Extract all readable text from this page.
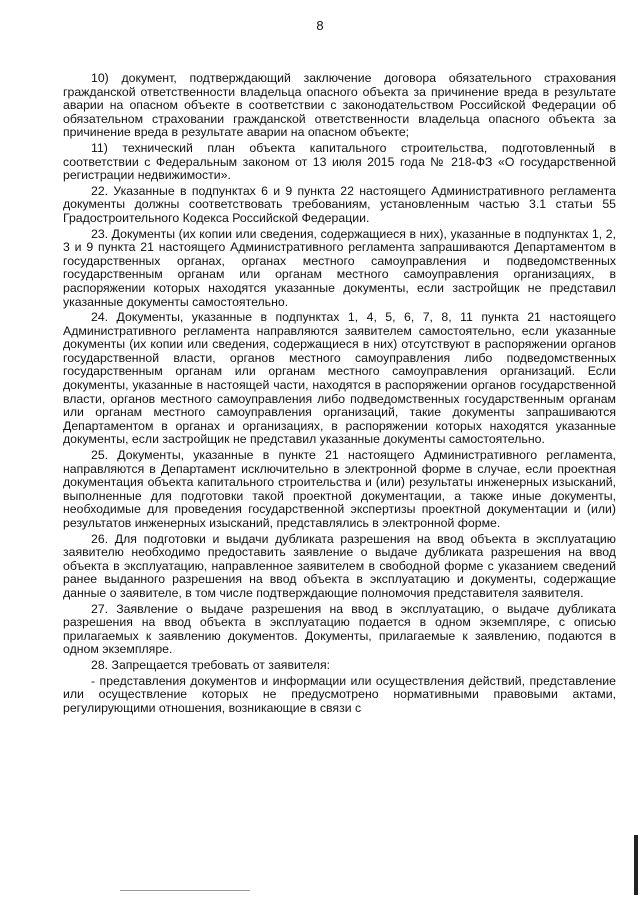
8

10) документ, подтверждающий заключение договора обязательного страхования гражданской ответственности владельца опасного объекта за причинение вреда в результате аварии на опасном объекте в соответствии с законодательством Российской Федерации об обязательном страховании гражданской ответственности владельца опасного объекта за причинение вреда в результате аварии на опасном объекте;

11) технический план объекта капитального строительства, подготовленный в соответствии с Федеральным законом от 13 июля 2015 года № 218-ФЗ «О государственной регистрации недвижимости».

22. Указанные в подпунктах 6 и 9 пункта 22 настоящего Административного регламента документы должны соответствовать требованиям, установленным частью 3.1 статьи 55 Градостроительного Кодекса Российской Федерации.

23. Документы (их копии или сведения, содержащиеся в них), указанные в подпунктах 1, 2, 3 и 9 пункта 21 настоящего Административного регламента запрашиваются Департаментом в государственных органах, органах местного самоуправления и подведомственных государственным органам или органам местного самоуправления организациях, в распоряжении которых находятся указанные документы, если застройщик не представил указанные документы самостоятельно.

24. Документы, указанные в подпунктах 1, 4, 5, 6, 7, 8, 11 пункта 21 настоящего Административного регламента направляются заявителем самостоятельно, если указанные документы (их копии или сведения, содержащиеся в них) отсутствуют в распоряжении органов государственной власти, органов местного самоуправления либо подведомственных государственным органам или органам местного самоуправления организаций. Если документы, указанные в настоящей части, находятся в распоряжении органов государственной власти, органов местного самоуправления либо подведомственных государственным органам или органам местного самоуправления организаций, такие документы запрашиваются Департаментом в органах и организациях, в распоряжении которых находятся указанные документы, если застройщик не представил указанные документы самостоятельно.

25. Документы, указанные в пункте 21 настоящего Административного регламента, направляются в Департамент исключительно в электронной форме в случае, если проектная документация объекта капитального строительства и (или) результаты инженерных изысканий, выполненные для подготовки такой проектной документации, а также иные документы, необходимые для проведения государственной экспертизы проектной документации и (или) результатов инженерных изысканий, представлялись в электронной форме.

26. Для подготовки и выдачи дубликата разрешения на ввод объекта в эксплуатацию заявителю необходимо предоставить заявление о выдаче дубликата разрешения на ввод объекта в эксплуатацию, направленное заявителем в свободной форме с указанием сведений ранее выданного разрешения на ввод объекта в эксплуатацию и документы, содержащие данные о заявителе, в том числе подтверждающие полномочия представителя заявителя.

27. Заявление о выдаче разрешения на ввод в эксплуатацию, о выдаче дубликата разрешения на ввод объекта в эксплуатацию подается в одном экземпляре, с описью прилагаемых к заявлению документов. Документы, прилагаемые к заявлению, подаются в одном экземпляре.

28. Запрещается требовать от заявителя:

- представления документов и информации или осуществления действий, представление или осуществление которых не предусмотрено нормативными правовыми актами, регулирующими отношения, возникающие в связи с
